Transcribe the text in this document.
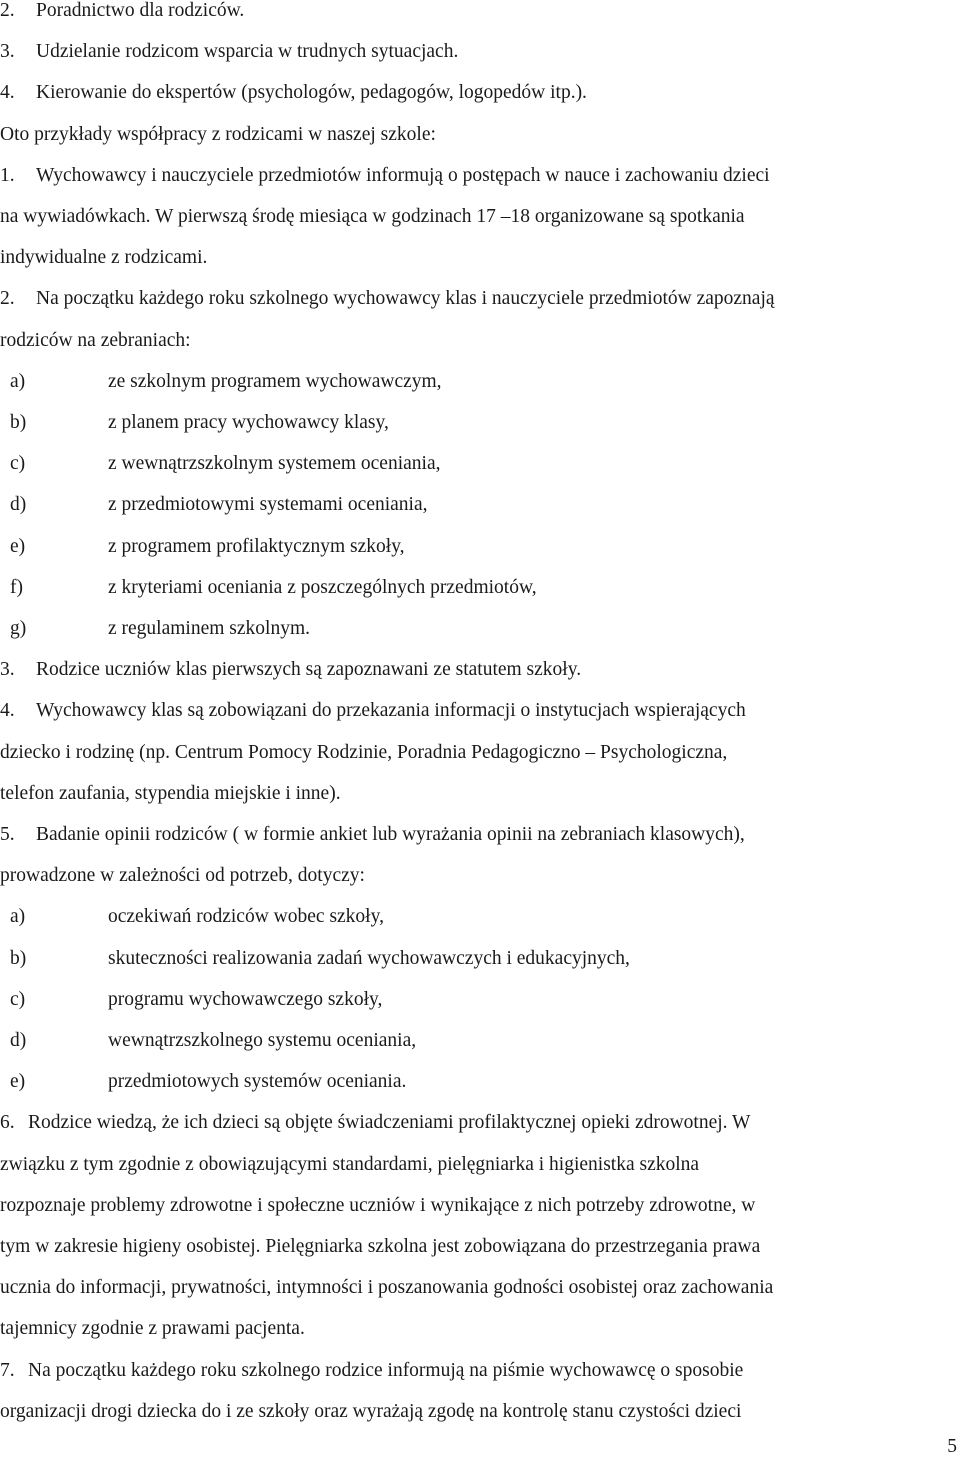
2. Poradnictwo dla rodziców.
3. Udzielanie rodzicom wsparcia w trudnych sytuacjach.
4. Kierowanie do ekspertów (psychologów, pedagogów, logopedów itp.).
Oto przykłady współpracy z rodzicami w naszej szkole:
1. Wychowawcy i nauczyciele przedmiotów informują o postępach w nauce i zachowaniu dzieci
na wywiadówkach. W pierwszą środę miesiąca w godzinach 17 –18 organizowane są spotkania
indywidualne z rodzicami.
2. Na początku każdego roku szkolnego wychowawcy klas i nauczyciele przedmiotów zapoznają
rodziców na zebraniach:
a)	ze szkolnym programem wychowawczym,
b)	z planem pracy wychowawcy klasy,
c)	z wewnątrzszkolnym systemem oceniania,
d)	z przedmiotowymi systemami oceniania,
e)	z programem profilaktycznym szkoły,
f)	z kryteriami oceniania z poszczególnych przedmiotów,
g)	z regulaminem szkolnym.
3. Rodzice uczniów klas pierwszych są zapoznawani ze statutem szkoły.
4. Wychowawcy klas są zobowiązani do przekazania informacji o instytucjach wspierających
dziecko i rodzinę (np. Centrum Pomocy Rodzinie, Poradnia Pedagogiczno – Psychologiczna,
telefon zaufania, stypendia miejskie i inne).
5. Badanie opinii rodziców ( w formie ankiet lub wyrażania opinii na zebraniach klasowych),
prowadzone w zależności od potrzeb, dotyczy:
a)	oczekiwań rodziców wobec szkoły,
b)	skuteczności realizowania zadań wychowawczych i edukacyjnych,
c)	programu wychowawczego szkoły,
d)	wewnątrzszkolnego systemu oceniania,
e)	przedmiotowych systemów oceniania.
6. Rodzice wiedzą, że ich dzieci są objęte świadczeniami profilaktycznej opieki zdrowotnej. W
związku z tym zgodnie z obowiązującymi standardami, pielęgniarka i higienistka szkolna
rozpoznaje problemy zdrowotne i społeczne uczniów i wynikające z nich potrzeby zdrowotne, w
tym w zakresie higieny osobistej. Pielęgniarka szkolna jest zobowiązana do przestrzegania prawa
ucznia do informacji, prywatności, intymności i poszanowania godności osobistej oraz zachowania
tajemnicy zgodnie z prawami pacjenta.
7. Na początku każdego roku szkolnego rodzice informują na piśmie wychowawcę o sposobie
organizacji drogi dziecka do i ze szkoły oraz wyrażają zgodę na kontrolę stanu czystości dzieci
5
